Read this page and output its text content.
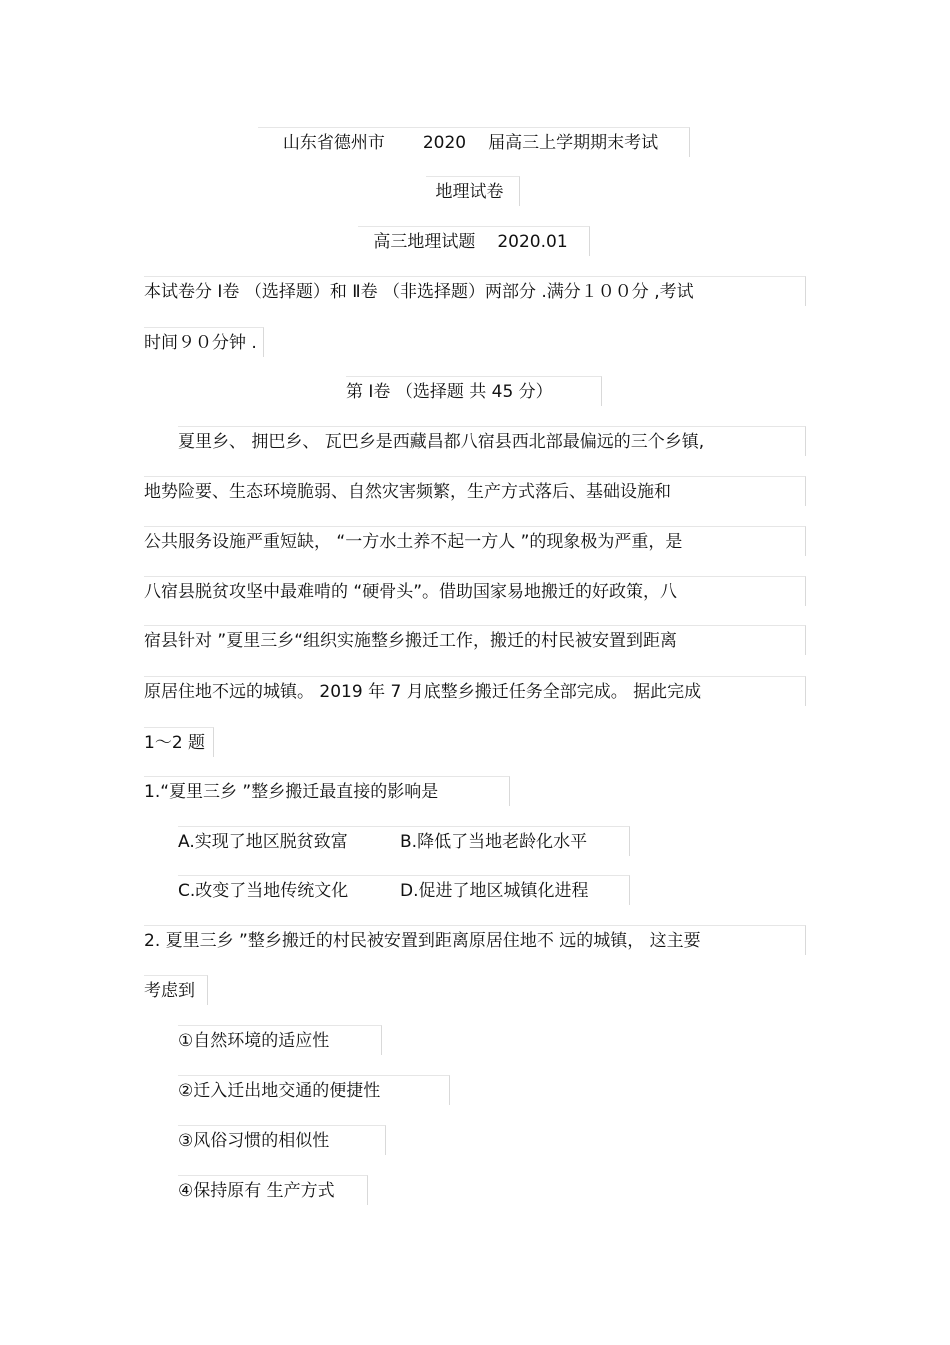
山东省德州市 2020 届高三上学期期末考试
地理试卷
高三地理试题 2020.01
本试卷分 Ⅰ卷 （选择题）和 Ⅱ卷 （非选择题）两部分 .满分１００分 ,考试
时间９０分钟 .
第 Ⅰ卷 （选择题 共 45 分）
夏里乡、 拥巴乡、 瓦巴乡是西藏昌都八宿县西北部最偏远的三个乡镇,
地势险要、生态环境脆弱、自然灾害频繁，生产方式落后、基础设施和
公共服务设施严重短缺， “一方水土养不起一方人 ”的现象极为严重，是
八宿县脱贫攻坚中最难啃的 “硬骨头”。借助国家易地搬迁的好政策，八
宿县针对 ”夏里三乡“组织实施整乡搬迁工作，搬迁的村民被安置到距离
原居住地不远的城镇。 2019 年 7 月底整乡搬迁任务全部完成。 据此完成
1～2 题
1.“夏里三乡 ”整乡搬迁最直接的影响是
A.实现了地区脱贫致富	B.降低了当地老龄化水平
C.改变了当地传统文化	D.促进了地区城镇化进程
2. 夏里三乡 ”整乡搬迁的村民被安置到距离原居住地不 远的城镇， 这主要
考虑到
①自然环境的适应性
②迁入迁出地交通的便捷性
③风俗习惯的相似性
④保持原有 生产方式
